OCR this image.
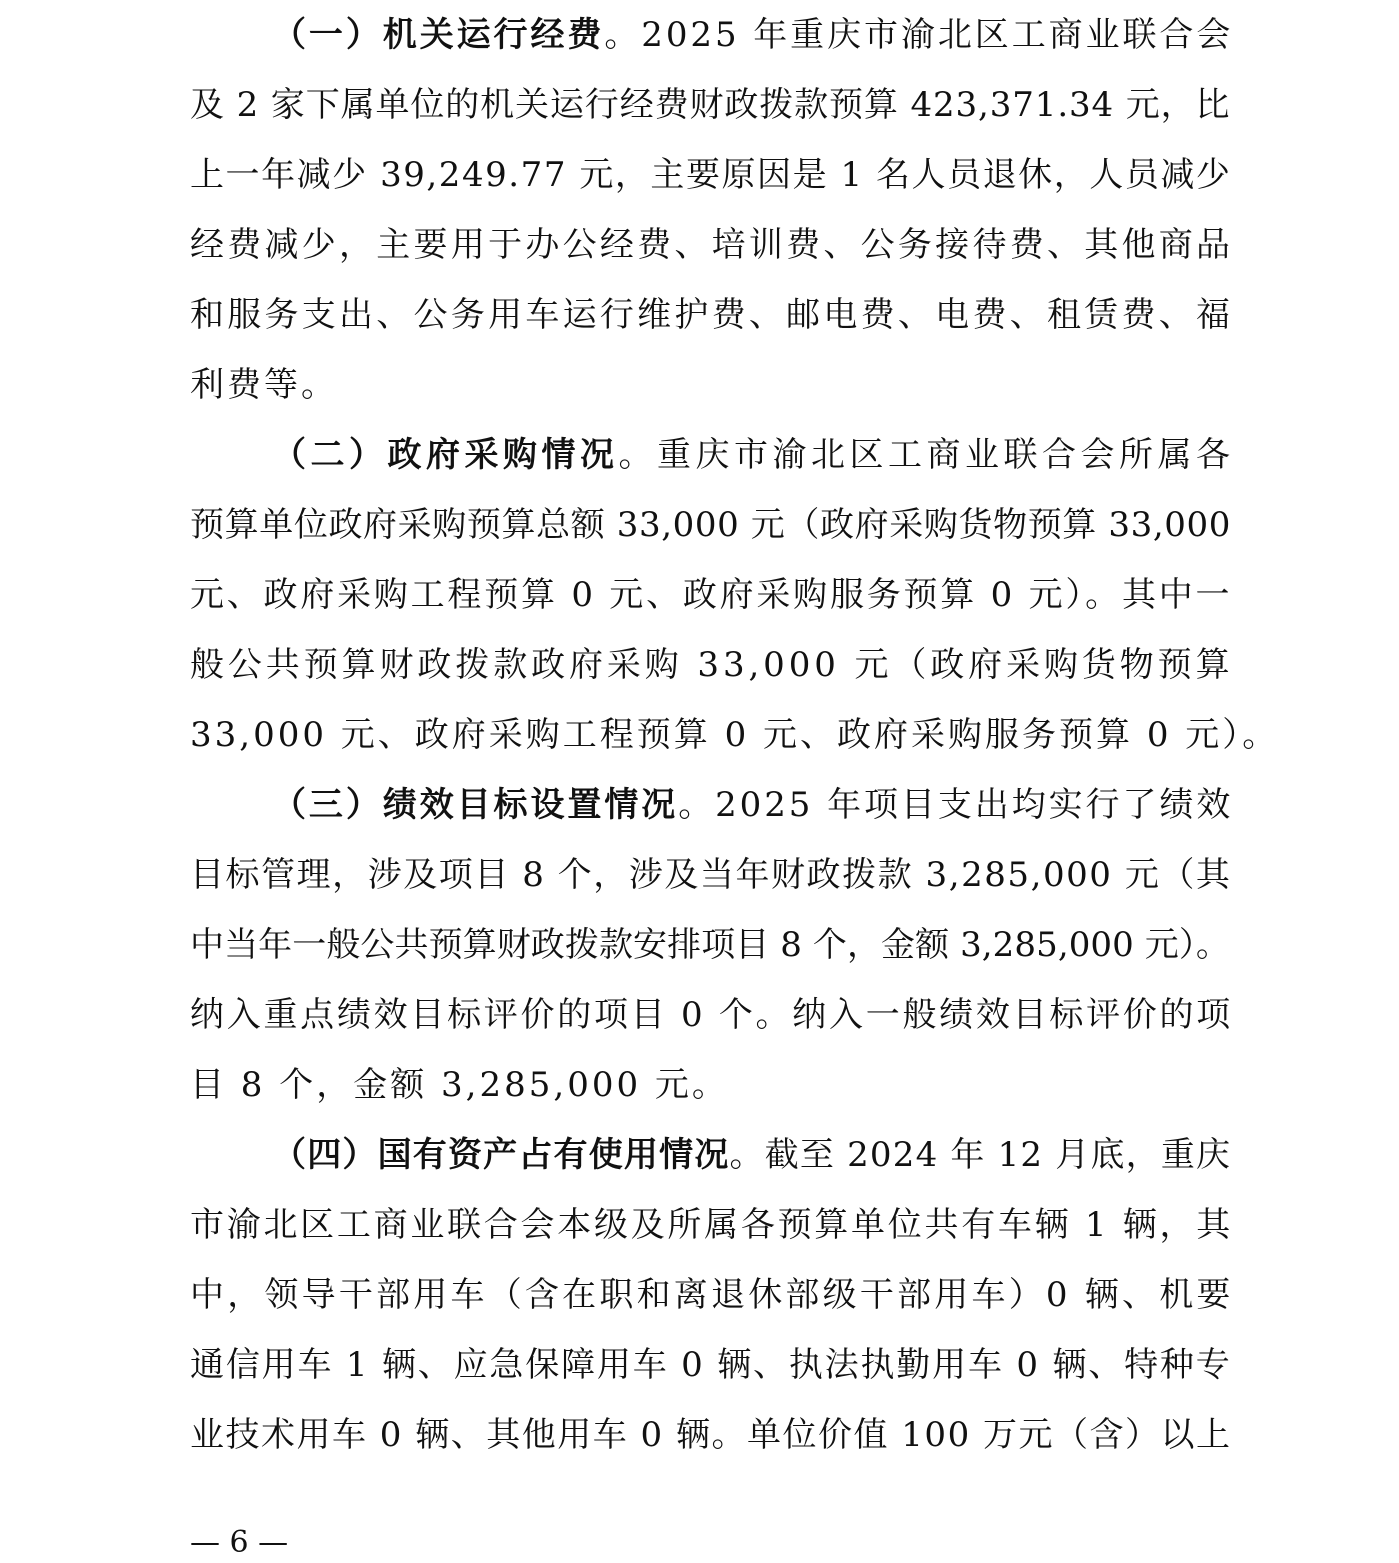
（一）机关运行经费。2025 年重庆市渝北区工商业联合会
及 2 家下属单位的机关运行经费财政拨款预算 423,371.34 元，比
上一年减少 39,249.77 元，主要原因是 1 名人员退休，人员减少
经费减少，主要用于办公经费、培训费、公务接待费、其他商品
和服务支出、公务用车运行维护费、邮电费、电费、租赁费、福
利费等。
（二）政府采购情况。重庆市渝北区工商业联合会所属各
预算单位政府采购预算总额 33,000 元（政府采购货物预算 33,000
元、政府采购工程预算 0 元、政府采购服务预算 0 元）。其中一
般公共预算财政拨款政府采购 33,000 元（政府采购货物预算
33,000 元、政府采购工程预算 0 元、政府采购服务预算 0 元）。
（三）绩效目标设置情况。2025 年项目支出均实行了绩效
目标管理，涉及项目 8 个，涉及当年财政拨款 3,285,000 元（其
中当年一般公共预算财政拨款安排项目 8 个，金额 3,285,000 元）。
纳入重点绩效目标评价的项目 0 个。纳入一般绩效目标评价的项
目 8 个，金额 3,285,000 元。
（四）国有资产占有使用情况。截至 2024 年 12 月底，重庆
市渝北区工商业联合会本级及所属各预算单位共有车辆 1 辆，其
中，领导干部用车（含在职和离退休部级干部用车）0 辆、机要
通信用车 1 辆、应急保障用车 0 辆、执法执勤用车 0 辆、特种专
业技术用车 0 辆、其他用车 0 辆。单位价值 100 万元（含）以上
— 6 —
